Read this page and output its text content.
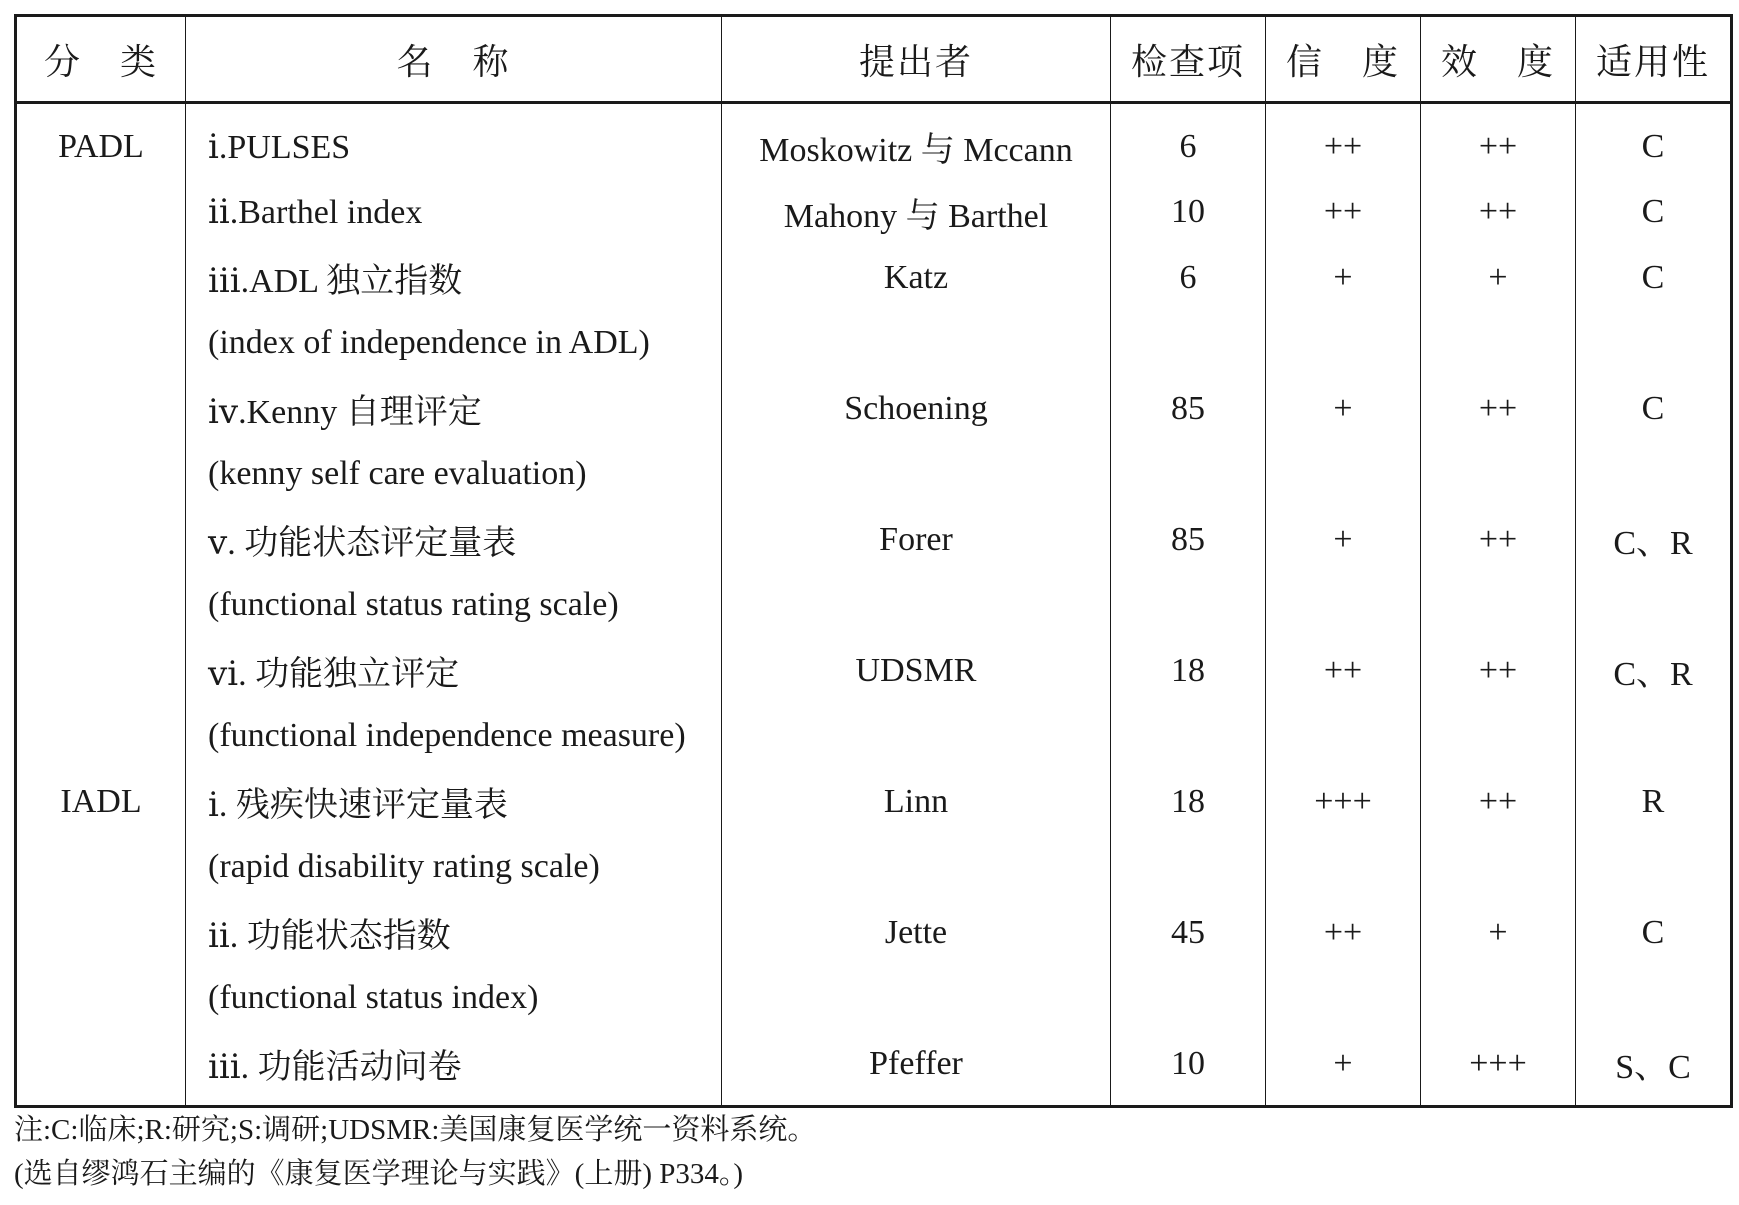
分　类	名　称	提出者	检查项	信　度	效　度	适用性
PADL	ⅰ.PULSES	Moskowitz 与 Mccann	6	++	++	C
	ⅱ.Barthel index	Mahony 与 Barthel	10	++	++	C
	ⅲ.ADL 独立指数	Katz	6	+	+	C
	(index of independence in ADL)					
	ⅳ.Kenny 自理评定	Schoening	85	+	++	C
	(kenny self care evaluation)					
	ⅴ. 功能状态评定量表	Forer	85	+	++	C、R
	(functional status rating scale)					
	ⅵ. 功能独立评定	UDSMR	18	++	++	C、R
	(functional independence measure)					
IADL	ⅰ. 残疾快速评定量表	Linn	18	+++	++	R
	(rapid disability rating scale)					
	ⅱ. 功能状态指数	Jette	45	++	+	C
	(functional status index)					
	ⅲ. 功能活动问卷	Pfeffer	10	+	+++	S、C
注:C:临床;R:研究;S:调研;UDSMR:美国康复医学统一资料系统。
(选自缪鸿石主编的《康复医学理论与实践》(上册) P334。)
